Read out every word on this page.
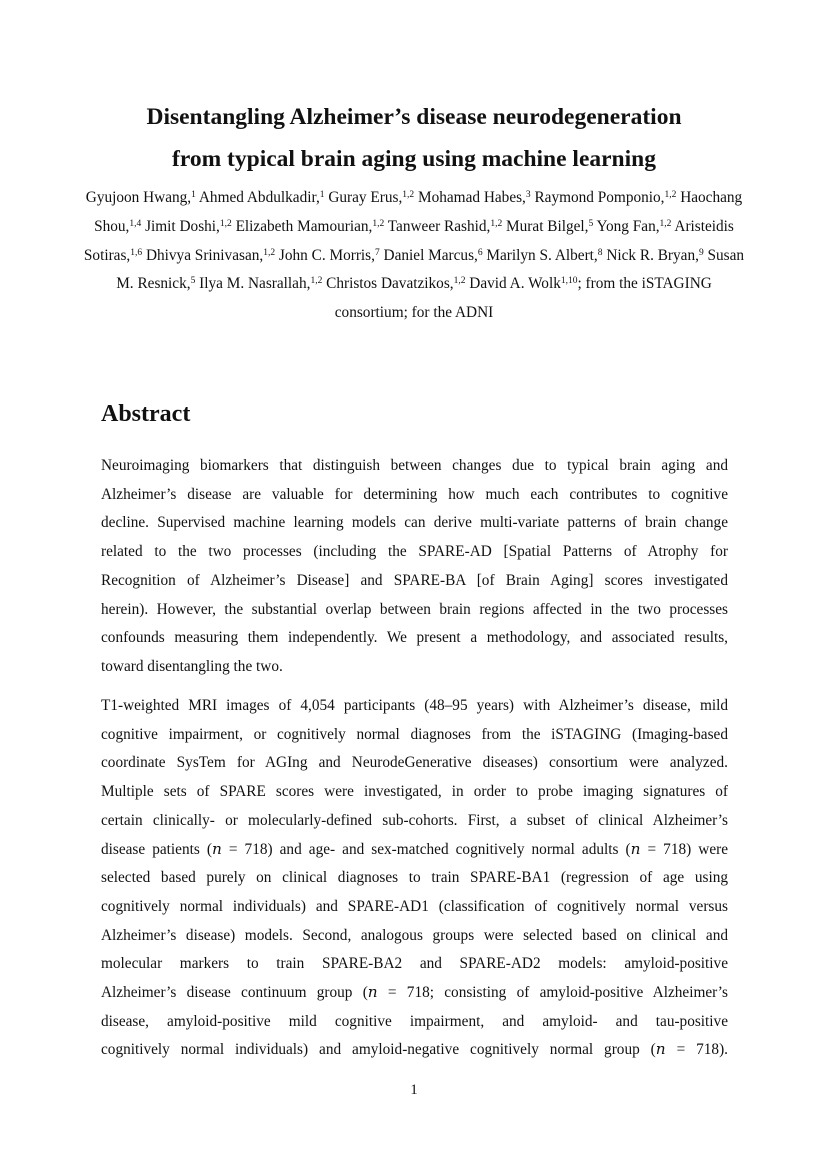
Disentangling Alzheimer’s disease neurodegeneration
from typical brain aging using machine learning
Gyujoon Hwang,$^1$ Ahmed Abdulkadir,$^1$ Guray Erus,$^{1,2}$ Mohamad Habes,$^3$ Raymond Pomponio,$^{1,2}$ Haochang Shou,$^{1,4}$ Jimit Doshi,$^{1,2}$ Elizabeth Mamourian,$^{1,2}$ Tanweer Rashid,$^{1,2}$ Murat Bilgel,$^5$ Yong Fan,$^{1,2}$ Aristeidis Sotiras,$^{1,6}$ Dhivya Srinivasan,$^{1,2}$ John C. Morris,$^7$ Daniel Marcus,$^6$ Marilyn S. Albert,$^8$ Nick R. Bryan,$^9$ Susan M. Resnick,$^5$ Ilya M. Nasrallah,$^{1,2}$ Christos Davatzikos,$^{1,2}$ David A. Wolk$^{1,10}$; from the iSTAGING consortium; for the ADNI
Abstract
Neuroimaging biomarkers that distinguish between changes due to typical brain aging and
Alzheimer’s disease are valuable for determining how much each contributes to cognitive
decline. Supervised machine learning models can derive multi-variate patterns of brain change
related to the two processes (including the SPARE-AD [Spatial Patterns of Atrophy for
Recognition of Alzheimer’s Disease] and SPARE-BA [of Brain Aging] scores investigated
herein). However, the substantial overlap between brain regions affected in the two processes
confounds measuring them independently. We present a methodology, and associated results,
toward disentangling the two.
T1-weighted MRI images of 4,054 participants (48–95 years) with Alzheimer’s disease, mild
cognitive impairment, or cognitively normal diagnoses from the iSTAGING (Imaging-based
coordinate SysTem for AGIng and NeurodeGenerative diseases) consortium were analyzed.
Multiple sets of SPARE scores were investigated, in order to probe imaging signatures of
certain clinically- or molecularly-defined sub-cohorts. First, a subset of clinical Alzheimer’s
disease patients (𝑛 = 718) and age- and sex-matched cognitively normal adults (𝑛 = 718) were
selected based purely on clinical diagnoses to train SPARE-BA1 (regression of age using
cognitively normal individuals) and SPARE-AD1 (classification of cognitively normal versus
Alzheimer’s disease) models. Second, analogous groups were selected based on clinical and
molecular markers to train SPARE-BA2 and SPARE-AD2 models: amyloid-positive
Alzheimer’s disease continuum group (𝑛 = 718; consisting of amyloid-positive Alzheimer’s
disease, amyloid-positive mild cognitive impairment, and amyloid- and tau-positive
cognitively normal individuals) and amyloid-negative cognitively normal group (𝑛 = 718).
1
